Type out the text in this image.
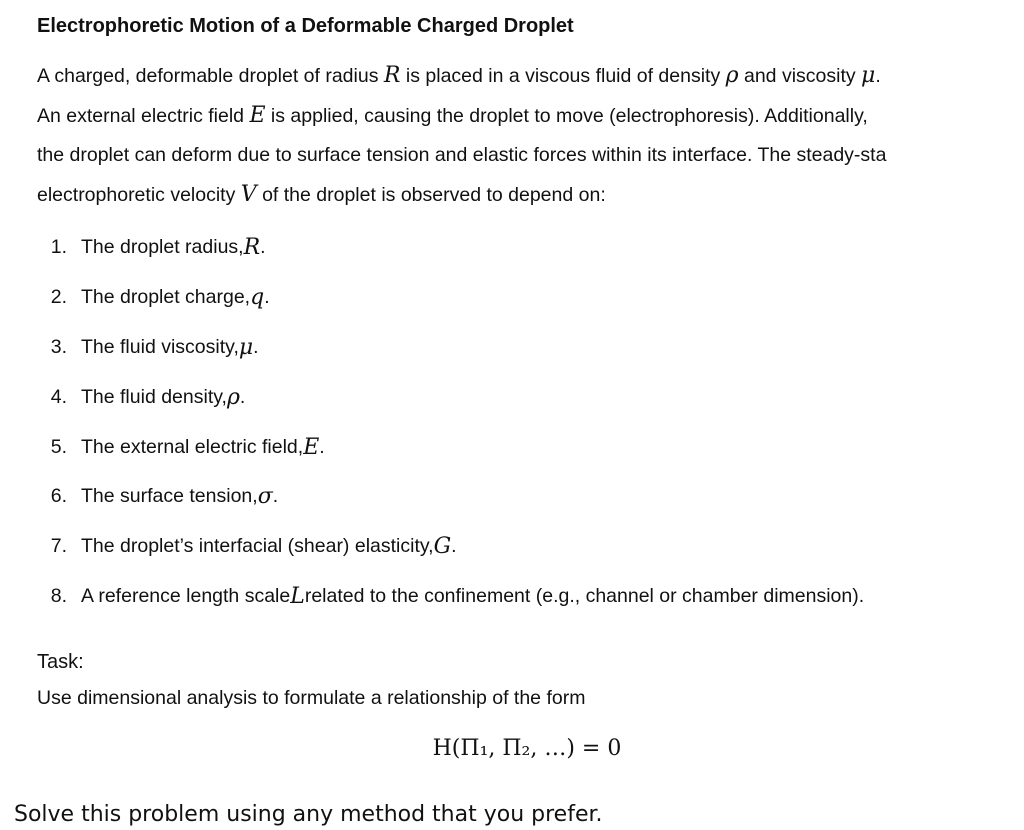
Electrophoretic Motion of a Deformable Charged Droplet
A charged, deformable droplet of radius R is placed in a viscous fluid of density ρ and viscosity μ.
An external electric field E is applied, causing the droplet to move (electrophoresis). Additionally,
the droplet can deform due to surface tension and elastic forces within its interface. The steady-sta
electrophoretic velocity V of the droplet is observed to depend on:
1. The droplet radius, R .
2. The droplet charge, q .
3. The fluid viscosity, μ .
4. The fluid density, ρ .
5. The external electric field, E .
6. The surface tension, σ .
7. The droplet’s interfacial (shear) elasticity, G .
8. A reference length scale L related to the confinement (e.g., channel or chamber dimension).
Task:
Use dimensional analysis to formulate a relationship of the form
H(Π₁, Π₂, …) = 0
Solve this problem using any method that you prefer.
